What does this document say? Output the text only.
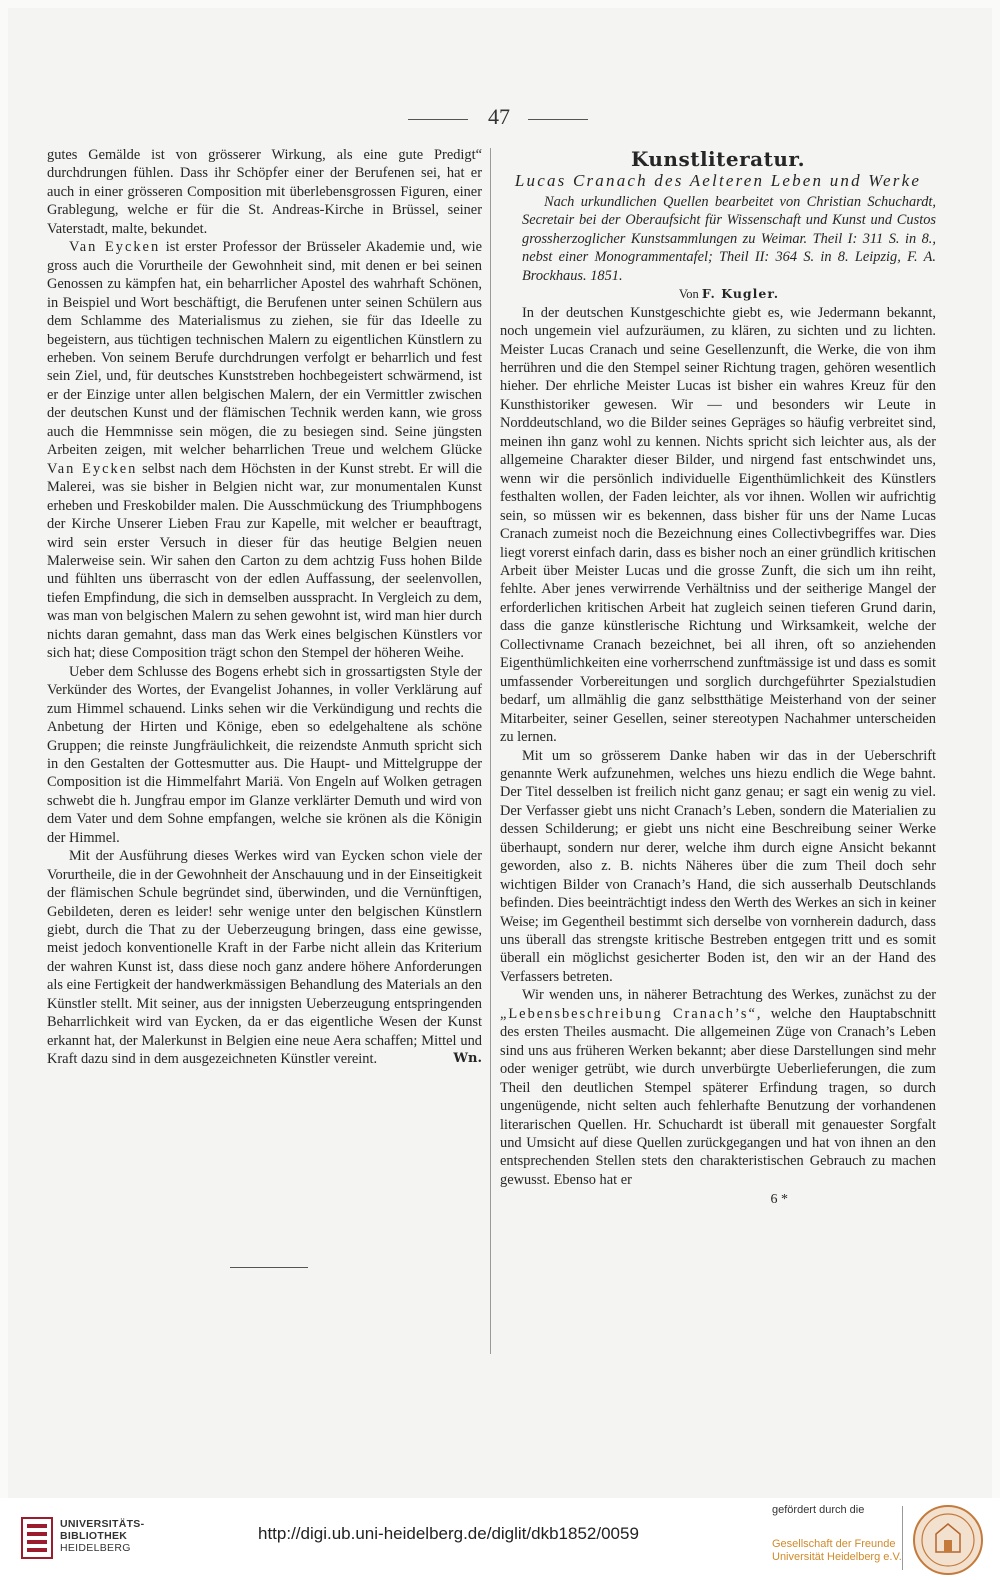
47

gutes Gemälde ist von grösserer Wirkung, als eine gute Predigt“ durchdrungen fühlen. Dass ihr Schöpfer einer der Berufenen sei, hat er auch in einer grösseren Composition mit überlebensgrossen Figuren, einer Grablegung, welche er für die St. Andreas-Kirche in Brüssel, seiner Vaterstadt, malte, bekundet.

Van Eycken ist erster Professor der Brüsseler Akademie und, wie gross auch die Vorurtheile der Gewohnheit sind, mit denen er bei seinen Genossen zu kämpfen hat, ein beharrlicher Apostel des wahrhaft Schönen, in Beispiel und Wort beschäftigt, die Berufenen unter seinen Schülern aus dem Schlamme des Materialismus zu ziehen, sie für das Ideelle zu begeistern, aus tüchtigen technischen Malern zu eigentlichen Künstlern zu erheben. Von seinem Berufe durchdrungen verfolgt er beharrlich und fest sein Ziel, und, für deutsches Kunststreben hochbegeistert schwärmend, ist er der Einzige unter allen belgischen Malern, der ein Vermittler zwischen der deutschen Kunst und der flämischen Technik werden kann, wie gross auch die Hemmnisse sein mögen, die zu besiegen sind. Seine jüngsten Arbeiten zeigen, mit welcher beharrlichen Treue und welchem Glücke Van Eycken selbst nach dem Höchsten in der Kunst strebt. Er will die Malerei, was sie bisher in Belgien nicht war, zur monumentalen Kunst erheben und Freskobilder malen. Die Ausschmückung des Triumphbogens der Kirche Unserer Lieben Frau zur Kapelle, mit welcher er beauftragt, wird sein erster Versuch in dieser für das heutige Belgien neuen Malerweise sein. Wir sahen den Carton zu dem achtzig Fuss hohen Bilde und fühlten uns überrascht von der edlen Auffassung, der seelenvollen, tiefen Empfindung, die sich in demselben ausspracht. In Vergleich zu dem, was man von belgischen Malern zu sehen gewohnt ist, wird man hier durch nichts daran gemahnt, dass man das Werk eines belgischen Künstlers vor sich hat; diese Composition trägt schon den Stempel der höheren Weihe.

Ueber dem Schlusse des Bogens erhebt sich in grossartigsten Style der Verkünder des Wortes, der Evangelist Johannes, in voller Verklärung auf zum Himmel schauend. Links sehen wir die Verkündigung und rechts die Anbetung der Hirten und Könige, eben so edelgehaltene als schöne Gruppen; die reinste Jungfräulichkeit, die reizendste Anmuth spricht sich in den Gestalten der Gottesmutter aus. Die Haupt- und Mittelgruppe der Composition ist die Himmelfahrt Mariä. Von Engeln auf Wolken getragen schwebt die h. Jungfrau empor im Glanze verklärter Demuth und wird von dem Vater und dem Sohne empfangen, welche sie krönen als die Königin der Himmel.

Mit der Ausführung dieses Werkes wird van Eycken schon viele der Vorurtheile, die in der Gewohnheit der Anschauung und in der Einseitigkeit der flämischen Schule begründet sind, überwinden, und die Vernünftigen, Gebildeten, deren es leider! sehr wenige unter den belgischen Künstlern giebt, durch die That zu der Ueberzeugung bringen, dass eine gewisse, meist jedoch konventionelle Kraft in der Farbe nicht allein das Kriterium der wahren Kunst ist, dass diese noch ganz andere höhere Anforderungen als eine Fertigkeit der handwerkmässigen Behandlung des Materials an den Künstler stellt. Mit seiner, aus der innigsten Ueberzeugung entspringenden Beharrlichkeit wird van Eycken, da er das eigentliche Wesen der Kunst erkannt hat, der Malerkunst in Belgien eine neue Aera schaffen; Mittel und Kraft dazu sind in dem ausgezeichneten Künstler vereint.	Wn.

Kunstliteratur.
Lucas Cranach des Aelteren Leben und Werke

Nach urkundlichen Quellen bearbeitet von Christian Schuchardt, Secretair bei der Oberaufsicht für Wissenschaft und Kunst und Custos grossherzoglicher Kunstsammlungen zu Weimar. Theil I: 311 S. in 8., nebst einer Monogrammentafel; Theil II: 364 S. in 8. Leipzig, F. A. Brockhaus. 1851.

Von F. Kugler.

In der deutschen Kunstgeschichte giebt es, wie Jedermann bekannt, noch ungemein viel aufzuräumen, zu klären, zu sichten und zu lichten. Meister Lucas Cranach und seine Gesellenzunft, die Werke, die von ihm herrühren und die den Stempel seiner Richtung tragen, gehören wesentlich hieher. Der ehrliche Meister Lucas ist bisher ein wahres Kreuz für den Kunsthistoriker gewesen. Wir — und besonders wir Leute in Norddeutschland, wo die Bilder seines Gepräges so häufig verbreitet sind, meinen ihn ganz wohl zu kennen. Nichts spricht sich leichter aus, als der allgemeine Charakter dieser Bilder, und nirgend fast entschwindet uns, wenn wir die persönlich individuelle Eigenthümlichkeit des Künstlers festhalten wollen, der Faden leichter, als vor ihnen. Wollen wir aufrichtig sein, so müssen wir es bekennen, dass bisher für uns der Name Lucas Cranach zumeist noch die Bezeichnung eines Collectivbegriffes war. Dies liegt vorerst einfach darin, dass es bisher noch an einer gründlich kritischen Arbeit über Meister Lucas und die grosse Zunft, die sich um ihn reiht, fehlte. Aber jenes verwirrende Verhältniss und der seitherige Mangel der erforderlichen kritischen Arbeit hat zugleich seinen tieferen Grund darin, dass die ganze künstlerische Richtung und Wirksamkeit, welche der Collectivname Cranach bezeichnet, bei all ihren, oft so anziehenden Eigenthümlichkeiten eine vorherrschend zunftmässige ist und dass es somit umfassender Vorbereitungen und sorglich durchgeführter Spezialstudien bedarf, um allmählig die ganz selbstthätige Meisterhand von der seiner Mitarbeiter, seiner Gesellen, seiner stereotypen Nachahmer unterscheiden zu lernen.

Mit um so grösserem Danke haben wir das in der Ueberschrift genannte Werk aufzunehmen, welches uns hiezu endlich die Wege bahnt. Der Titel desselben ist freilich nicht ganz genau; er sagt ein wenig zu viel. Der Verfasser giebt uns nicht Cranach’s Leben, sondern die Materialien zu dessen Schilderung; er giebt uns nicht eine Beschreibung seiner Werke überhaupt, sondern nur derer, welche ihm durch eigne Ansicht bekannt geworden, also z. B. nichts Näheres über die zum Theil doch sehr wichtigen Bilder von Cranach’s Hand, die sich ausserhalb Deutschlands befinden. Dies beeinträchtigt indess den Werth des Werkes an sich in keiner Weise; im Gegentheil bestimmt sich derselbe von vornherein dadurch, dass uns überall das strengste kritische Bestreben entgegen tritt und es somit überall ein möglichst gesicherter Boden ist, den wir an der Hand des Verfassers betreten.

Wir wenden uns, in näherer Betrachtung des Werkes, zunächst zu der „Lebensbeschreibung Cranach’s“, welche den Hauptabschnitt des ersten Theiles ausmacht. Die allgemeinen Züge von Cranach’s Leben sind uns aus früheren Werken bekannt; aber diese Darstellungen sind mehr oder weniger getrübt, wie durch unverbürgte Ueberlieferungen, die zum Theil den deutlichen Stempel späterer Erfindung tragen, so durch ungenügende, nicht selten auch fehlerhafte Benutzung der vorhandenen literarischen Quellen. Hr. Schuchardt ist überall mit genauester Sorgfalt und Umsicht auf diese Quellen zurückgegangen und hat von ihnen an den entsprechenden Stellen stets den charakteristischen Gebrauch zu machen gewusst. Ebenso hat er

6 *
UNIVERSITÄTS-
BIBLIOTHEK
HEIDELBERG
http://digi.ub.uni-heidelberg.de/diglit/dkb1852/0059
gefördert durch die
Gesellschaft der Freunde
Universität Heidelberg e.V.
